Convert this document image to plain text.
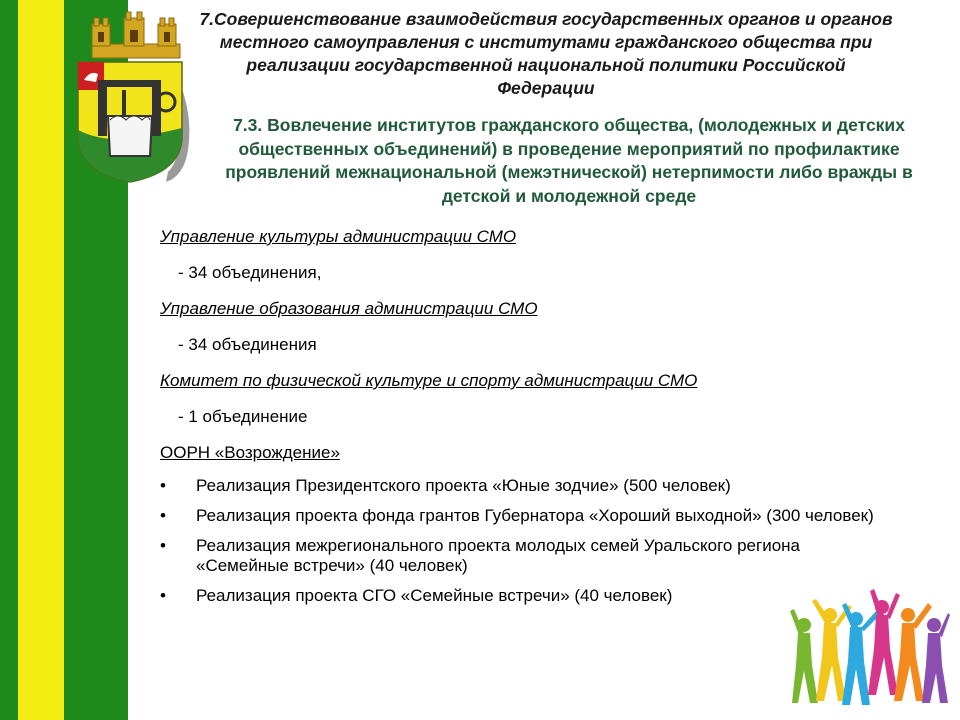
7.Совершенствование взаимодействия государственных органов и органов местного самоуправления с институтами гражданского общества при реализации государственной национальной политики Российской Федерации
7.3. Вовлечение институтов гражданского общества, (молодежных и детских общественных объединений) в проведение мероприятий по профилактике проявлений межнациональной (межэтнической) нетерпимости либо вражды в детской и молодежной среде
Управление культуры администрации СМО
- 34 объединения,
Управление образования администрации СМО
- 34 объединения
Комитет по физической культуре и спорту администрации СМО
- 1 объединение
ООРН «Возрождение»
• Реализация Президентского проекта «Юные зодчие» (500 человек)
• Реализация проекта фонда грантов Губернатора «Хороший выходной» (300 человек)
• Реализация межрегионального проекта молодых семей Уральского региона «Семейные встречи» (40 человек)
• Реализация проекта СГО «Семейные встречи» (40 человек)
